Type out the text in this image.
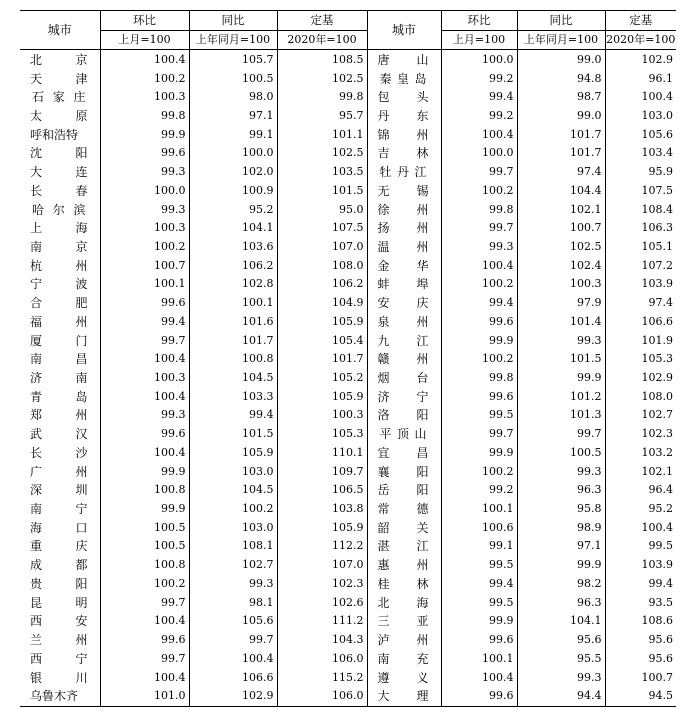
城市	环比	同比	定基	城市	环比	同比	定基
	上月=100	上年同月=100	2020年=100		上月=100	上年同月=100	2020年=100

北 京	100.4	105.7	108.5	唐 山	100.0	99.0	102.9

天 津	100.2	100.5	102.5	秦 皇 岛	99.2	94.8	96.1

石 家 庄	100.3	98.0	99.8	包 头	99.4	98.7	100.4

太 原	99.8	97.1	95.7	丹 东	99.2	99.0	103.0

呼 和 浩 特	99.9	99.1	101.1	锦 州	100.4	101.7	105.6

沈 阳	99.6	100.0	102.5	吉 林	100.0	101.7	103.4

大 连	99.3	102.0	103.5	牡 丹 江	99.7	97.4	95.9

长 春	100.0	100.9	101.5	无 锡	100.2	104.4	107.5

哈 尔 滨	99.3	95.2	95.0	徐 州	99.8	102.1	108.4

上 海	100.3	104.1	107.5	扬 州	99.7	100.7	106.3

南 京	100.2	103.6	107.0	温 州	99.3	102.5	105.1

杭 州	100.7	106.2	108.0	金 华	100.4	102.4	107.2

宁 波	100.1	102.8	106.2	蚌 埠	100.2	100.3	103.9

合 肥	99.6	100.1	104.9	安 庆	99.4	97.9	97.4

福 州	99.4	101.6	105.9	泉 州	99.6	101.4	106.6

厦 门	99.7	101.7	105.4	九 江	99.9	99.3	101.9

南 昌	100.4	100.8	101.7	赣 州	100.2	101.5	105.3

济 南	100.3	104.5	105.2	烟 台	99.8	99.9	102.9

青 岛	100.4	103.3	105.9	济 宁	99.6	101.2	108.0

郑 州	99.3	99.4	100.3	洛 阳	99.5	101.3	102.7

武 汉	99.6	101.5	105.3	平 顶 山	99.7	99.7	102.3

长 沙	100.4	105.9	110.1	宜 昌	99.9	100.5	103.2

广 州	99.9	103.0	109.7	襄 阳	100.2	99.3	102.1

深 圳	100.8	104.5	106.5	岳 阳	99.2	96.3	96.4

南 宁	99.9	100.2	103.8	常 德	100.1	95.8	95.2

海 口	100.5	103.0	105.9	韶 关	100.6	98.9	100.4

重 庆	100.5	108.1	112.2	湛 江	99.1	97.1	99.5

成 都	100.8	102.7	107.0	惠 州	99.5	99.9	103.9

贵 阳	100.2	99.3	102.3	桂 林	99.4	98.2	99.4

昆 明	99.7	98.1	102.6	北 海	99.5	96.3	93.5

西 安	100.4	105.6	111.2	三 亚	99.9	104.1	108.6

兰 州	99.6	99.7	104.3	泸 州	99.6	95.6	95.6

西 宁	99.7	100.4	106.0	南 充	100.1	95.5	95.6

银 川	100.4	106.6	115.2	遵 义	100.4	99.3	100.7

乌 鲁 木 齐	101.0	102.9	106.0	大 理	99.6	94.4	94.5
